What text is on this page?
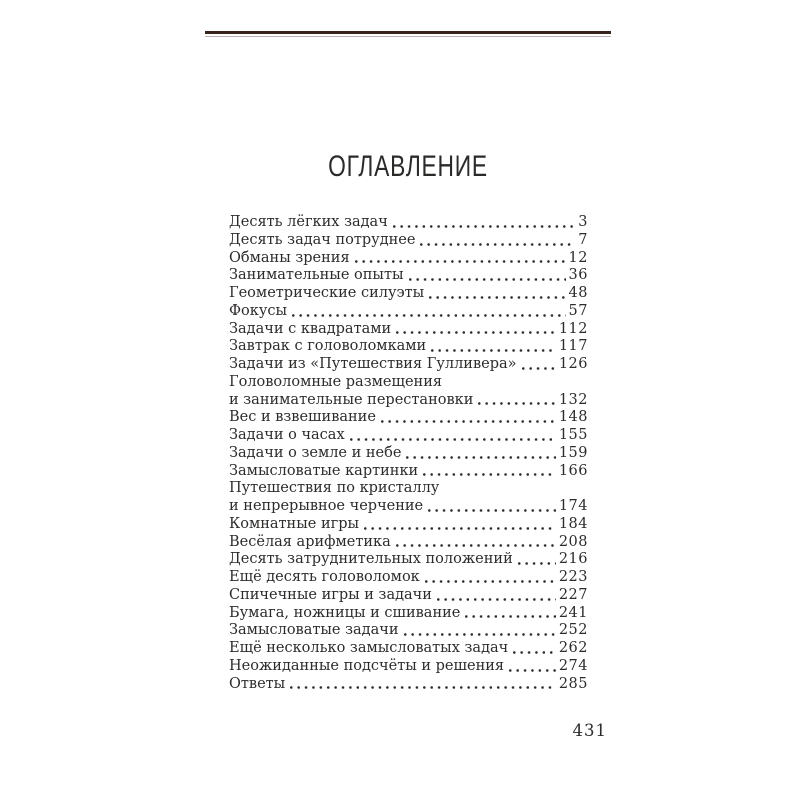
ОГЛАВЛЕНИЕ
Десять лёгких задач	3
Десять задач потруднее	7
Обманы зрения	12
Занимательные опыты	36
Геометрические силуэты	48
Фокусы	57
Задачи с квадратами	112
Завтрак с головоломками	117
Задачи из «Путешествия Гулливера»	126
Головоломные размещения
и занимательные перестановки	132
Вес и взвешивание	148
Задачи о часах	155
Задачи о земле и небе	159
Замысловатые картинки	166
Путешествия по кристаллу
и непрерывное черчение	174
Комнатные игры	184
Весёлая арифметика	208
Десять затруднительных положений	216
Ещё десять головоломок	223
Спичечные игры и задачи	227
Бумага, ножницы и сшивание	241
Замысловатые задачи	252
Ещё несколько замысловатых задач	262
Неожиданные подсчёты и решения	274
Ответы	285
431
